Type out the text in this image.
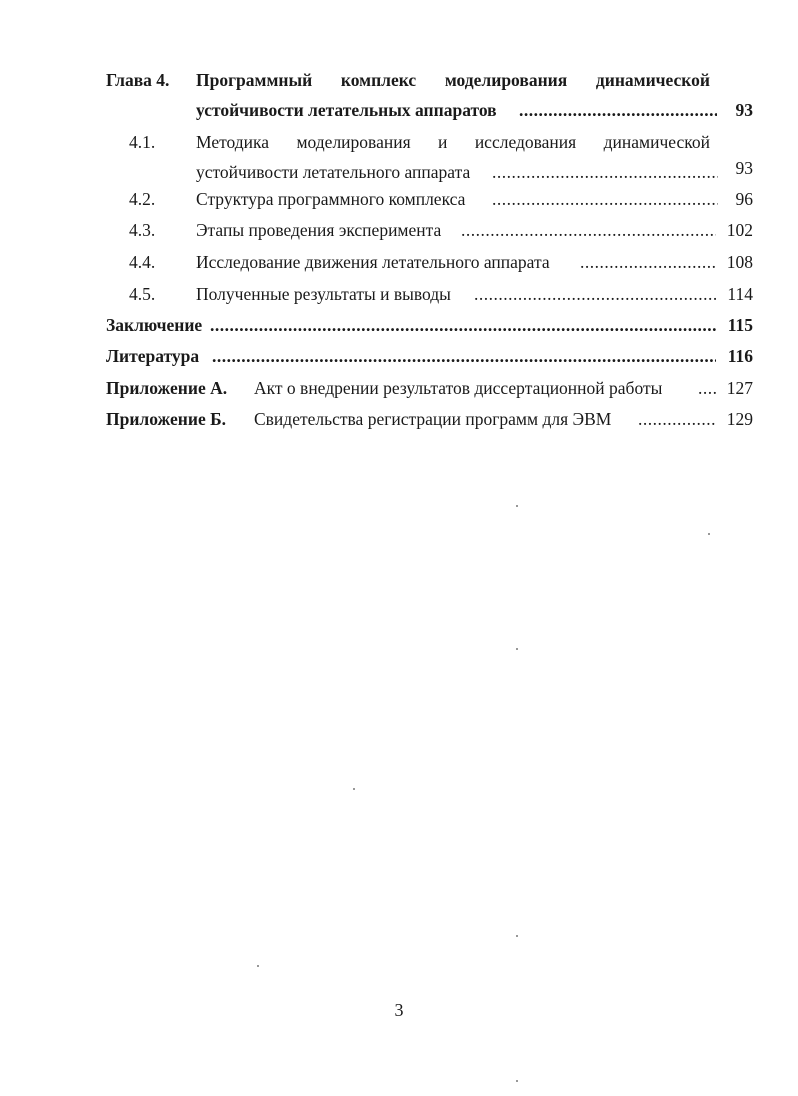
Глава 4. Программный комплекс моделирования динамической
устойчивости летательных аппаратов .....	93
4.1. Методика моделирования и исследования динамической
устойчивости летательного аппарата .....	93
4.2. Структура программного комплекса .....	96
4.3. Этапы проведения эксперимента .....	102
4.4. Исследование движения летательного аппарата .....	108
4.5. Полученные результаты и выводы .....	114
Заключение .....	115
Литература .....	116
Приложение А. Акт о внедрении результатов диссертационной работы .....	127
Приложение Б. Свидетельства регистрации программ для ЭВМ .....	129
3
